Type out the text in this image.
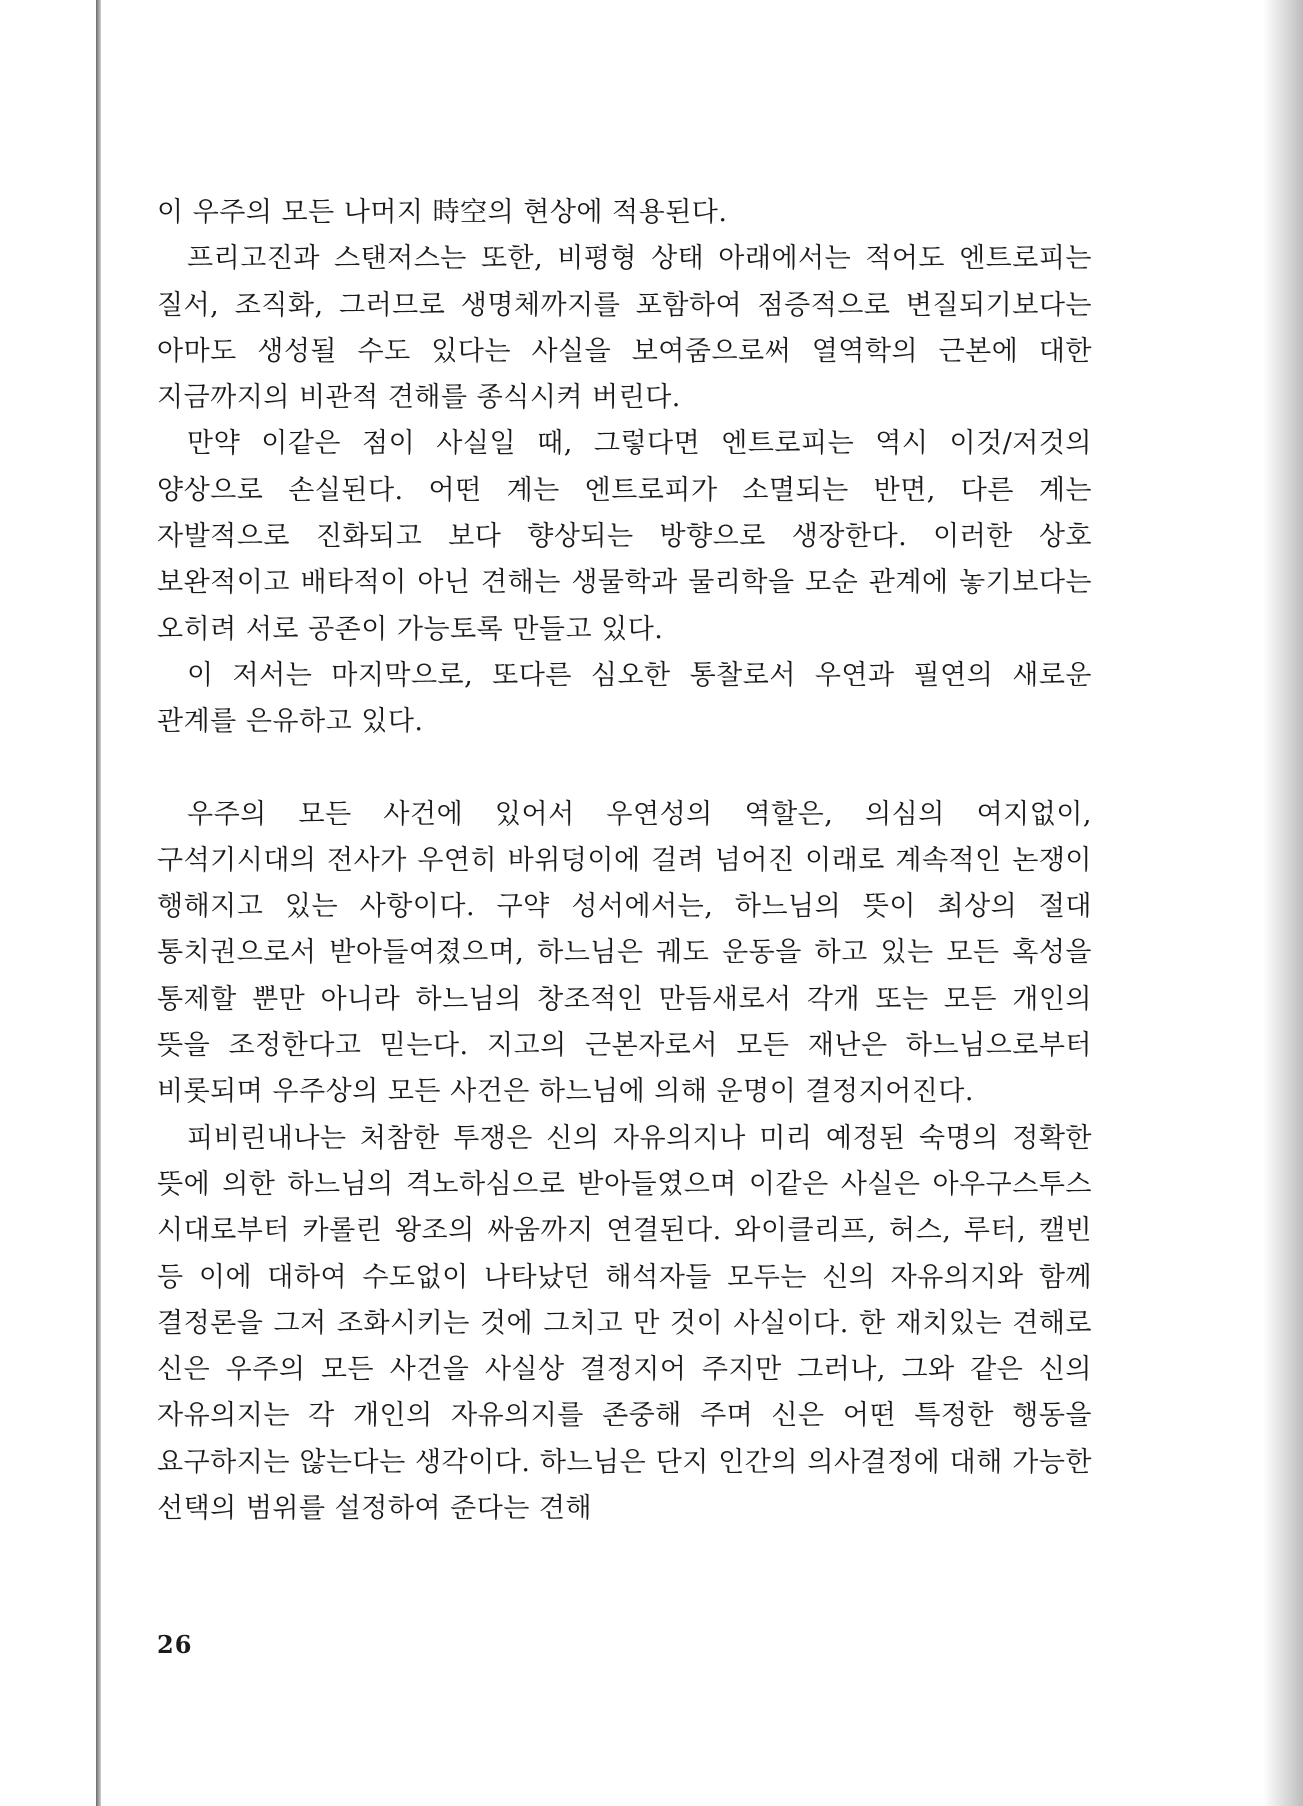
이 우주의 모든 나머지 時空의 현상에 적용된다.

프리고진과 스탠저스는 또한, 비평형 상태 아래에서는 적어도 엔트로피는 질서, 조직화, 그러므로 생명체까지를 포함하여 점증적으로 변질되기보다는 아마도 생성될 수도 있다는 사실을 보여줌으로써 열역학의 근본에 대한 지금까지의 비관적 견해를 종식시켜 버린다.

만약 이같은 점이 사실일 때, 그렇다면 엔트로피는 역시 이것/저것의 양상으로 손실된다. 어떤 계는 엔트로피가 소멸되는 반면, 다른 계는 자발적으로 진화되고 보다 향상되는 방향으로 생장한다. 이러한 상호 보완적이고 배타적이 아닌 견해는 생물학과 물리학을 모순 관계에 놓기보다는 오히려 서로 공존이 가능토록 만들고 있다.

이 저서는 마지막으로, 또다른 심오한 통찰로서 우연과 필연의 새로운 관계를 은유하고 있다.

우주의 모든 사건에 있어서 우연성의 역할은, 의심의 여지없이, 구석기시대의 전사가 우연히 바위덩이에 걸려 넘어진 이래로 계속적인 논쟁이 행해지고 있는 사항이다. 구약 성서에서는, 하느님의 뜻이 최상의 절대 통치권으로서 받아들여졌으며, 하느님은 궤도 운동을 하고 있는 모든 혹성을 통제할 뿐만 아니라 하느님의 창조적인 만듬새로서 각개 또는 모든 개인의 뜻을 조정한다고 믿는다. 지고의 근본자로서 모든 재난은 하느님으로부터 비롯되며 우주상의 모든 사건은 하느님에 의해 운명이 결정지어진다.

피비린내나는 처참한 투쟁은 신의 자유의지나 미리 예정된 숙명의 정확한 뜻에 의한 하느님의 격노하심으로 받아들였으며 이같은 사실은 아우구스투스 시대로부터 카롤린 왕조의 싸움까지 연결된다. 와이클리프, 허스, 루터, 캘빈 등 이에 대하여 수도없이 나타났던 해석자들 모두는 신의 자유의지와 함께 결정론을 그저 조화시키는 것에 그치고 만 것이 사실이다. 한 재치있는 견해로 신은 우주의 모든 사건을 사실상 결정지어 주지만 그러나, 그와 같은 신의 자유의지는 각 개인의 자유의지를 존중해 주며 신은 어떤 특정한 행동을 요구하지는 않는다는 생각이다. 하느님은 단지 인간의 의사결정에 대해 가능한 선택의 범위를 설정하여 준다는 견해

26
